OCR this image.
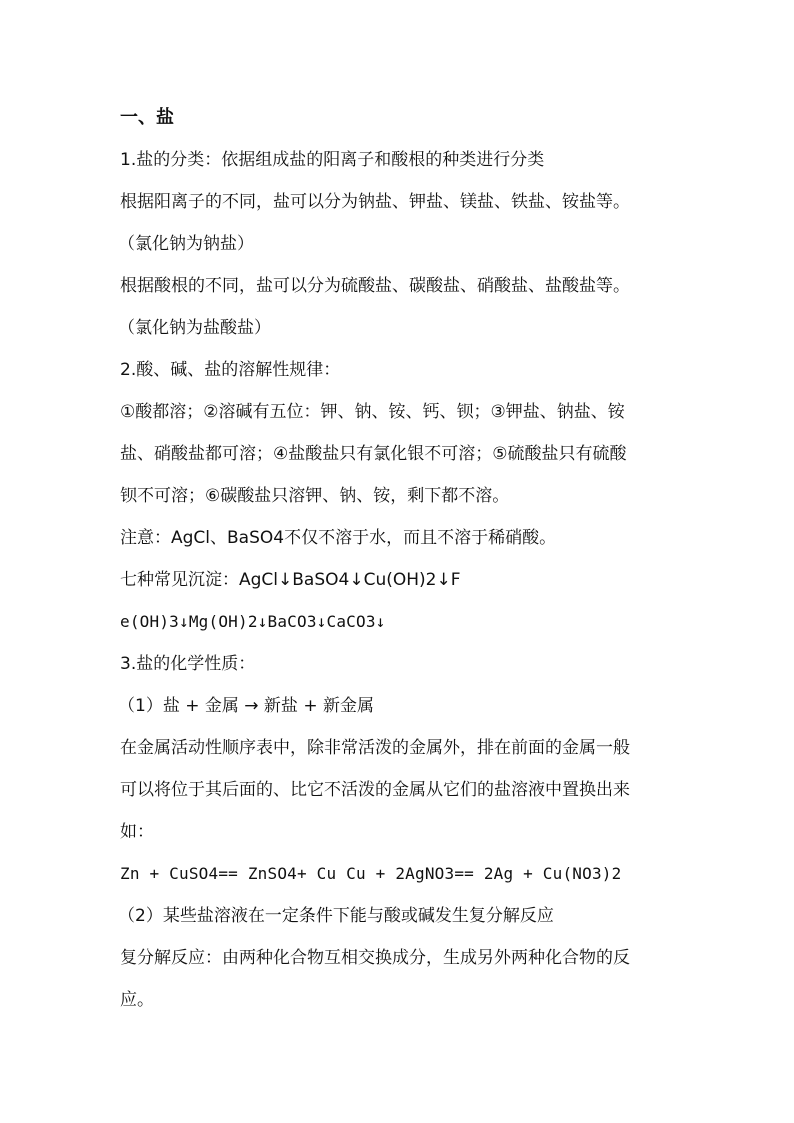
一、盐
1.盐的分类：依据组成盐的阳离子和酸根的种类进行分类
根据阳离子的不同，盐可以分为钠盐、钾盐、镁盐、铁盐、铵盐等。
（氯化钠为钠盐）
根据酸根的不同，盐可以分为硫酸盐、碳酸盐、硝酸盐、盐酸盐等。
（氯化钠为盐酸盐）
2.酸、碱、盐的溶解性规律：
①酸都溶；②溶碱有五位：钾、钠、铵、钙、钡；③钾盐、钠盐、铵
盐、硝酸盐都可溶；④盐酸盐只有氯化银不可溶；⑤硫酸盐只有硫酸
钡不可溶；⑥碳酸盐只溶钾、钠、铵，剩下都不溶。
注意：AgCl、BaSO4不仅不溶于水，而且不溶于稀硝酸。
七种常见沉淀：AgCl↓BaSO4↓Cu(OH)2↓F
e(OH)3↓Mg(OH)2↓BaCO3↓CaCO3↓
3.盐的化学性质：
（1）盐 + 金属 → 新盐 + 新金属
在金属活动性顺序表中，除非常活泼的金属外，排在前面的金属一般
可以将位于其后面的、比它不活泼的金属从它们的盐溶液中置换出来
如：
Zn + CuSO4== ZnSO4+ Cu Cu + 2AgNO3== 2Ag + Cu(NO3)2
（2）某些盐溶液在一定条件下能与酸或碱发生复分解反应
复分解反应：由两种化合物互相交换成分，生成另外两种化合物的反
应。
